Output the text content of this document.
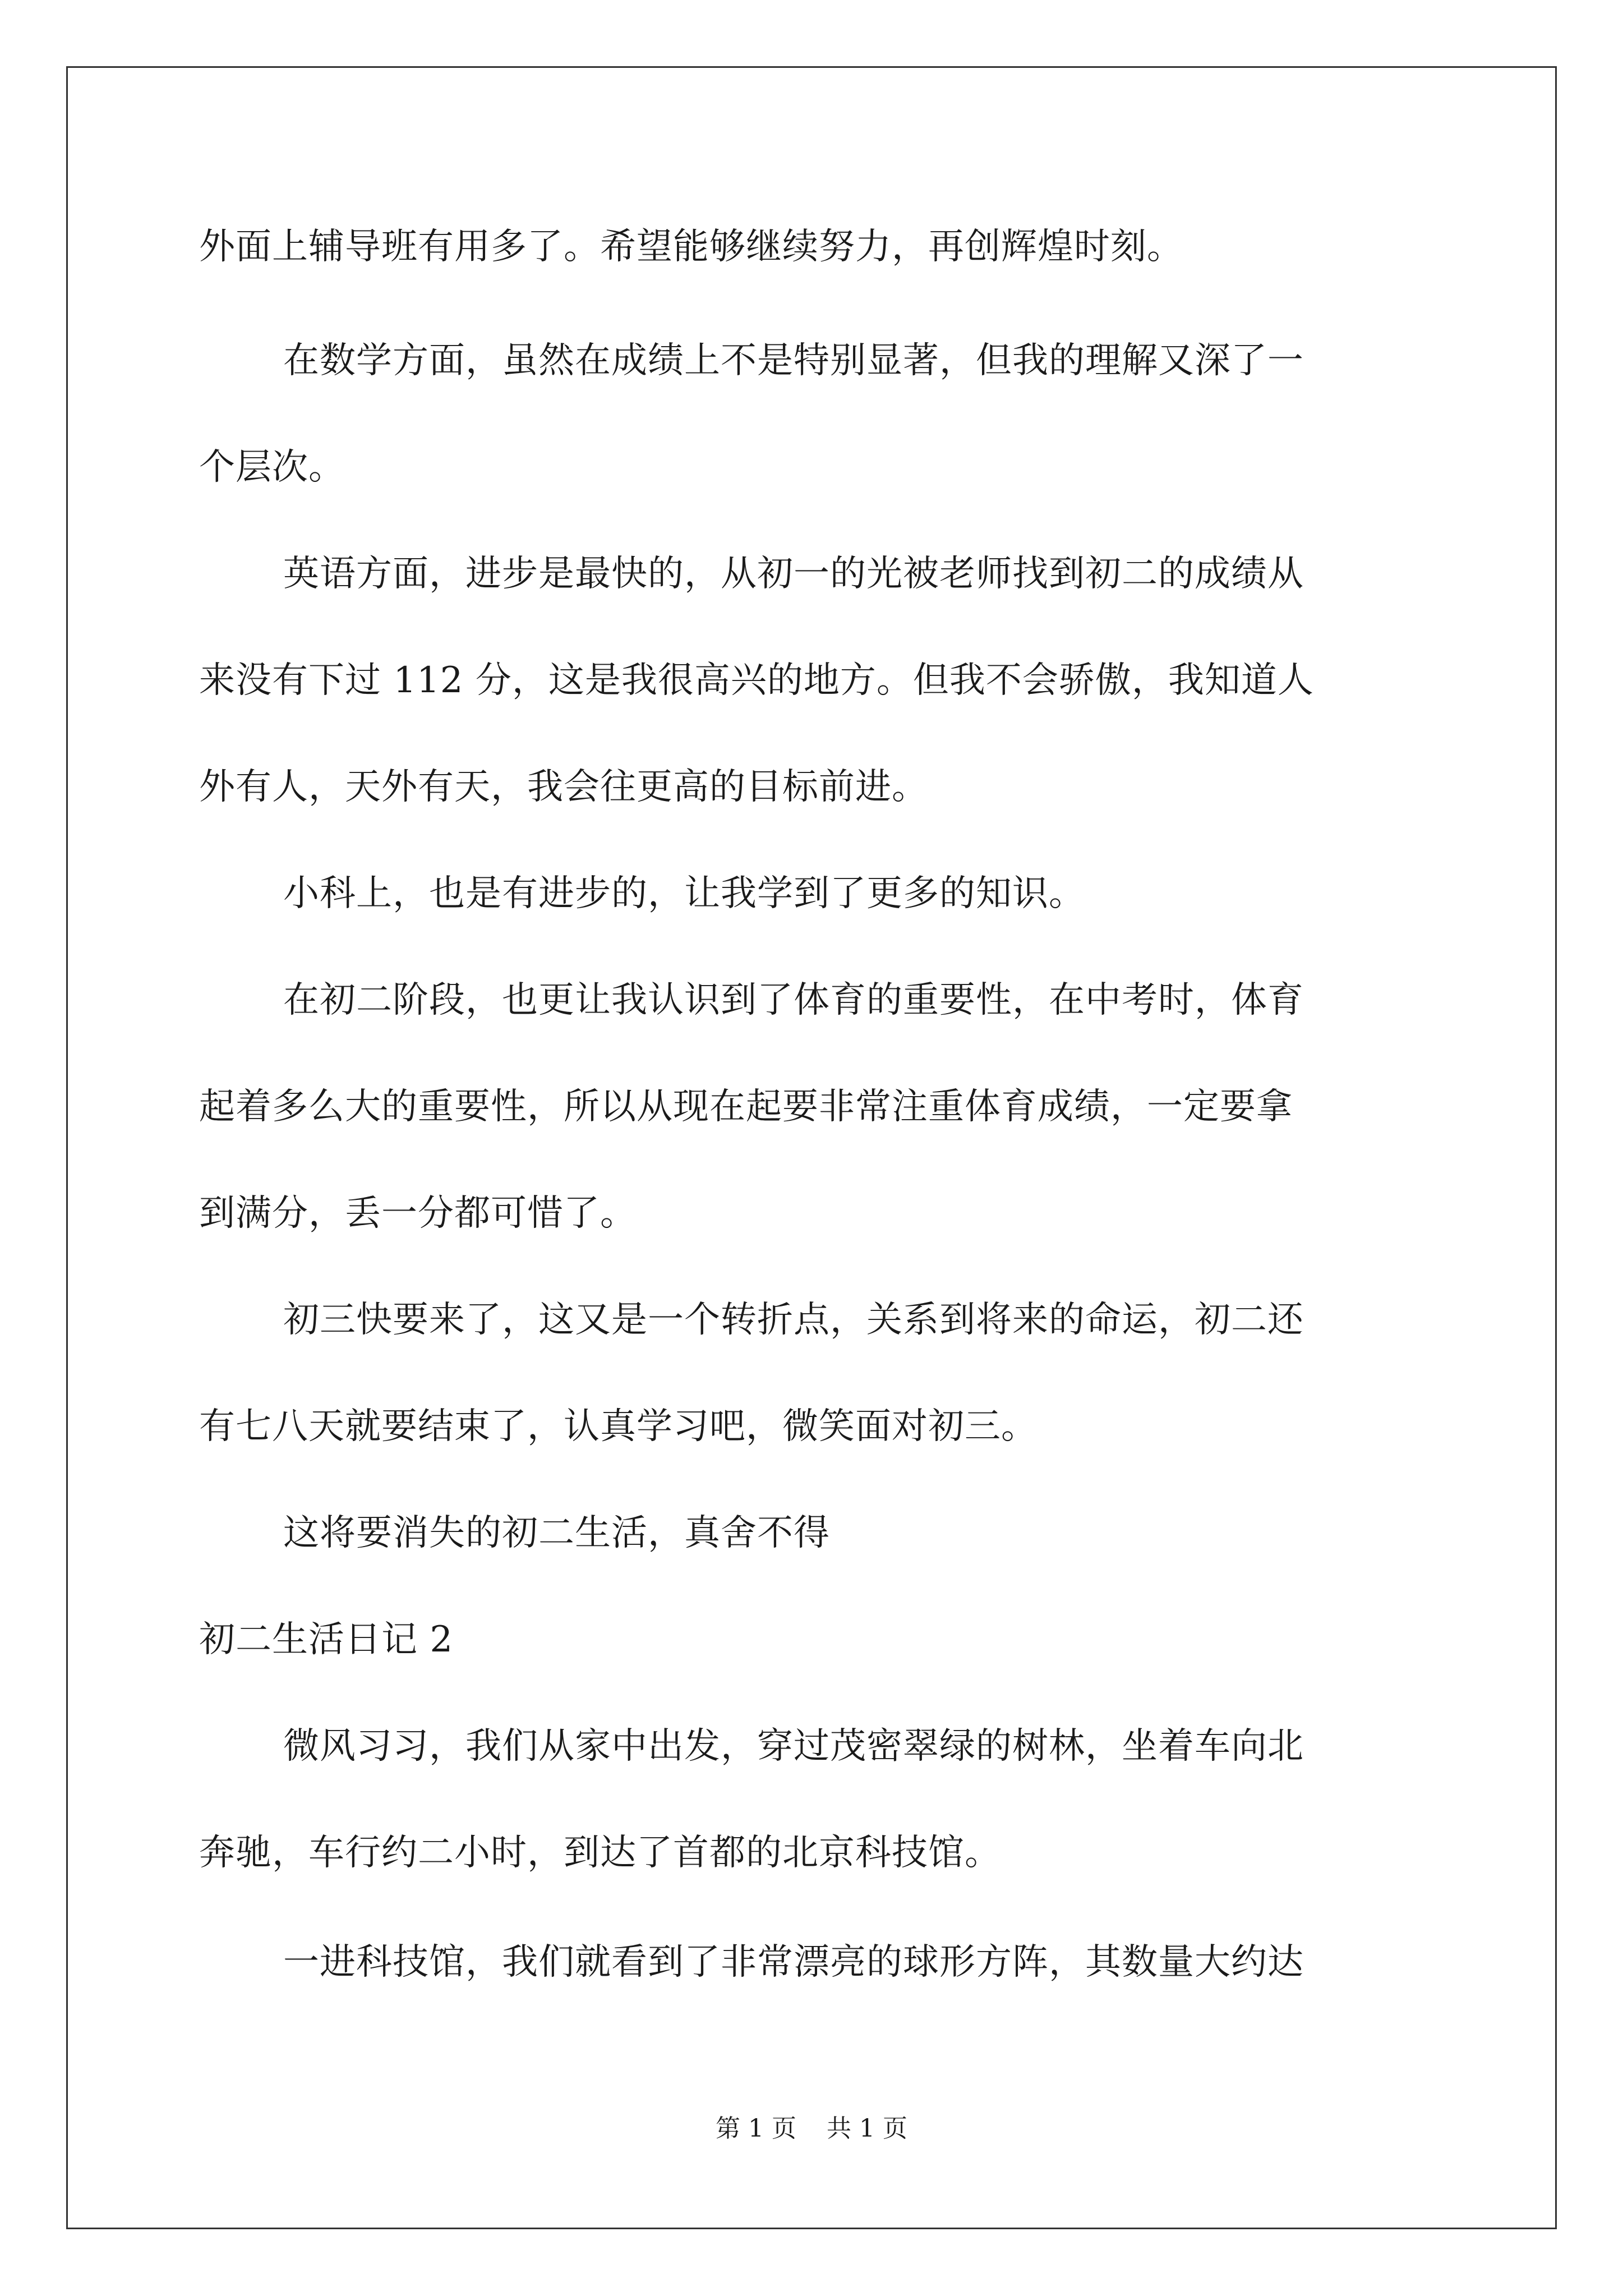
外面上辅导班有用多了。希望能够继续努力，再创辉煌时刻。
在数学方面，虽然在成绩上不是特别显著，但我的理解又深了一
个层次。
英语方面，进步是最快的，从初一的光被老师找到初二的成绩从
来没有下过 112 分，这是我很高兴的地方。但我不会骄傲，我知道人
外有人，天外有天，我会往更高的目标前进。
小科上，也是有进步的，让我学到了更多的知识。
在初二阶段，也更让我认识到了体育的重要性，在中考时，体育
起着多么大的重要性，所以从现在起要非常注重体育成绩，一定要拿
到满分，丢一分都可惜了。
初三快要来了，这又是一个转折点，关系到将来的命运，初二还
有七八天就要结束了，认真学习吧，微笑面对初三。
这将要消失的初二生活，真舍不得
初二生活日记 2
微风习习，我们从家中出发，穿过茂密翠绿的树林，坐着车向北
奔驰，车行约二小时，到达了首都的北京科技馆。
一进科技馆，我们就看到了非常漂亮的球形方阵，其数量大约达
第 1 页 共 1 页
